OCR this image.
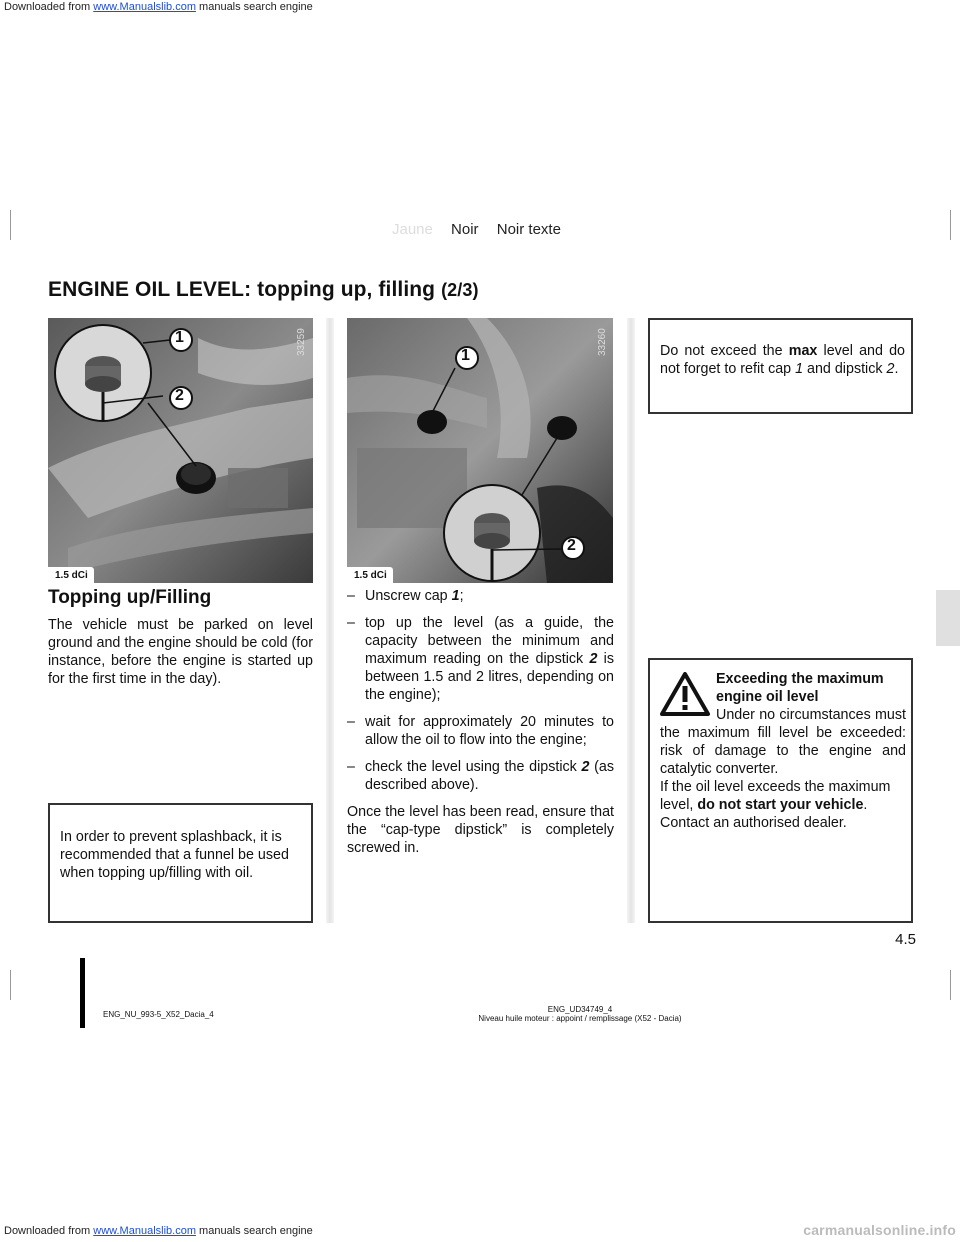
Downloaded from www.Manualslib.com manuals search engine
Jaune Noir Noir texte
ENGINE OIL LEVEL: topping up, filling (2/3)
1
2
33259
1.5 dCi
1
2
33260
1.5 dCi
Topping up/Filling

The vehicle must be parked on level ground and the engine should be cold (for instance, before the engine is started up for the first time in the day).

In order to prevent splashback, it is recommended that a funnel be used when topping up/filling with oil.
– Unscrew cap 1;
– top up the level (as a guide, the capacity between the minimum and maximum reading on the dipstick 2 is between 1.5 and 2 litres, depending on the engine);
– wait for approximately 20 minutes to allow the oil to flow into the engine;
– check the level using the dipstick 2 (as described above).

Once the level has been read, ensure that the “cap-type dipstick” is completely screwed in.

Do not exceed the max level and do not forget to refit cap 1 and dipstick 2.
Exceeding the maximum engine oil level
Under no circumstances must the maximum fill level be exceeded: risk of damage to the engine and catalytic converter.
If the oil level exceeds the maximum level, do not start your vehicle. Contact an authorised dealer.
4.5
ENG_NU_993-5_X52_Dacia_4
ENG_UD34749_4
Niveau huile moteur : appoint / remplissage (X52 - Dacia)
Downloaded from www.Manualslib.com manuals search engine	carmanualsonline.info
